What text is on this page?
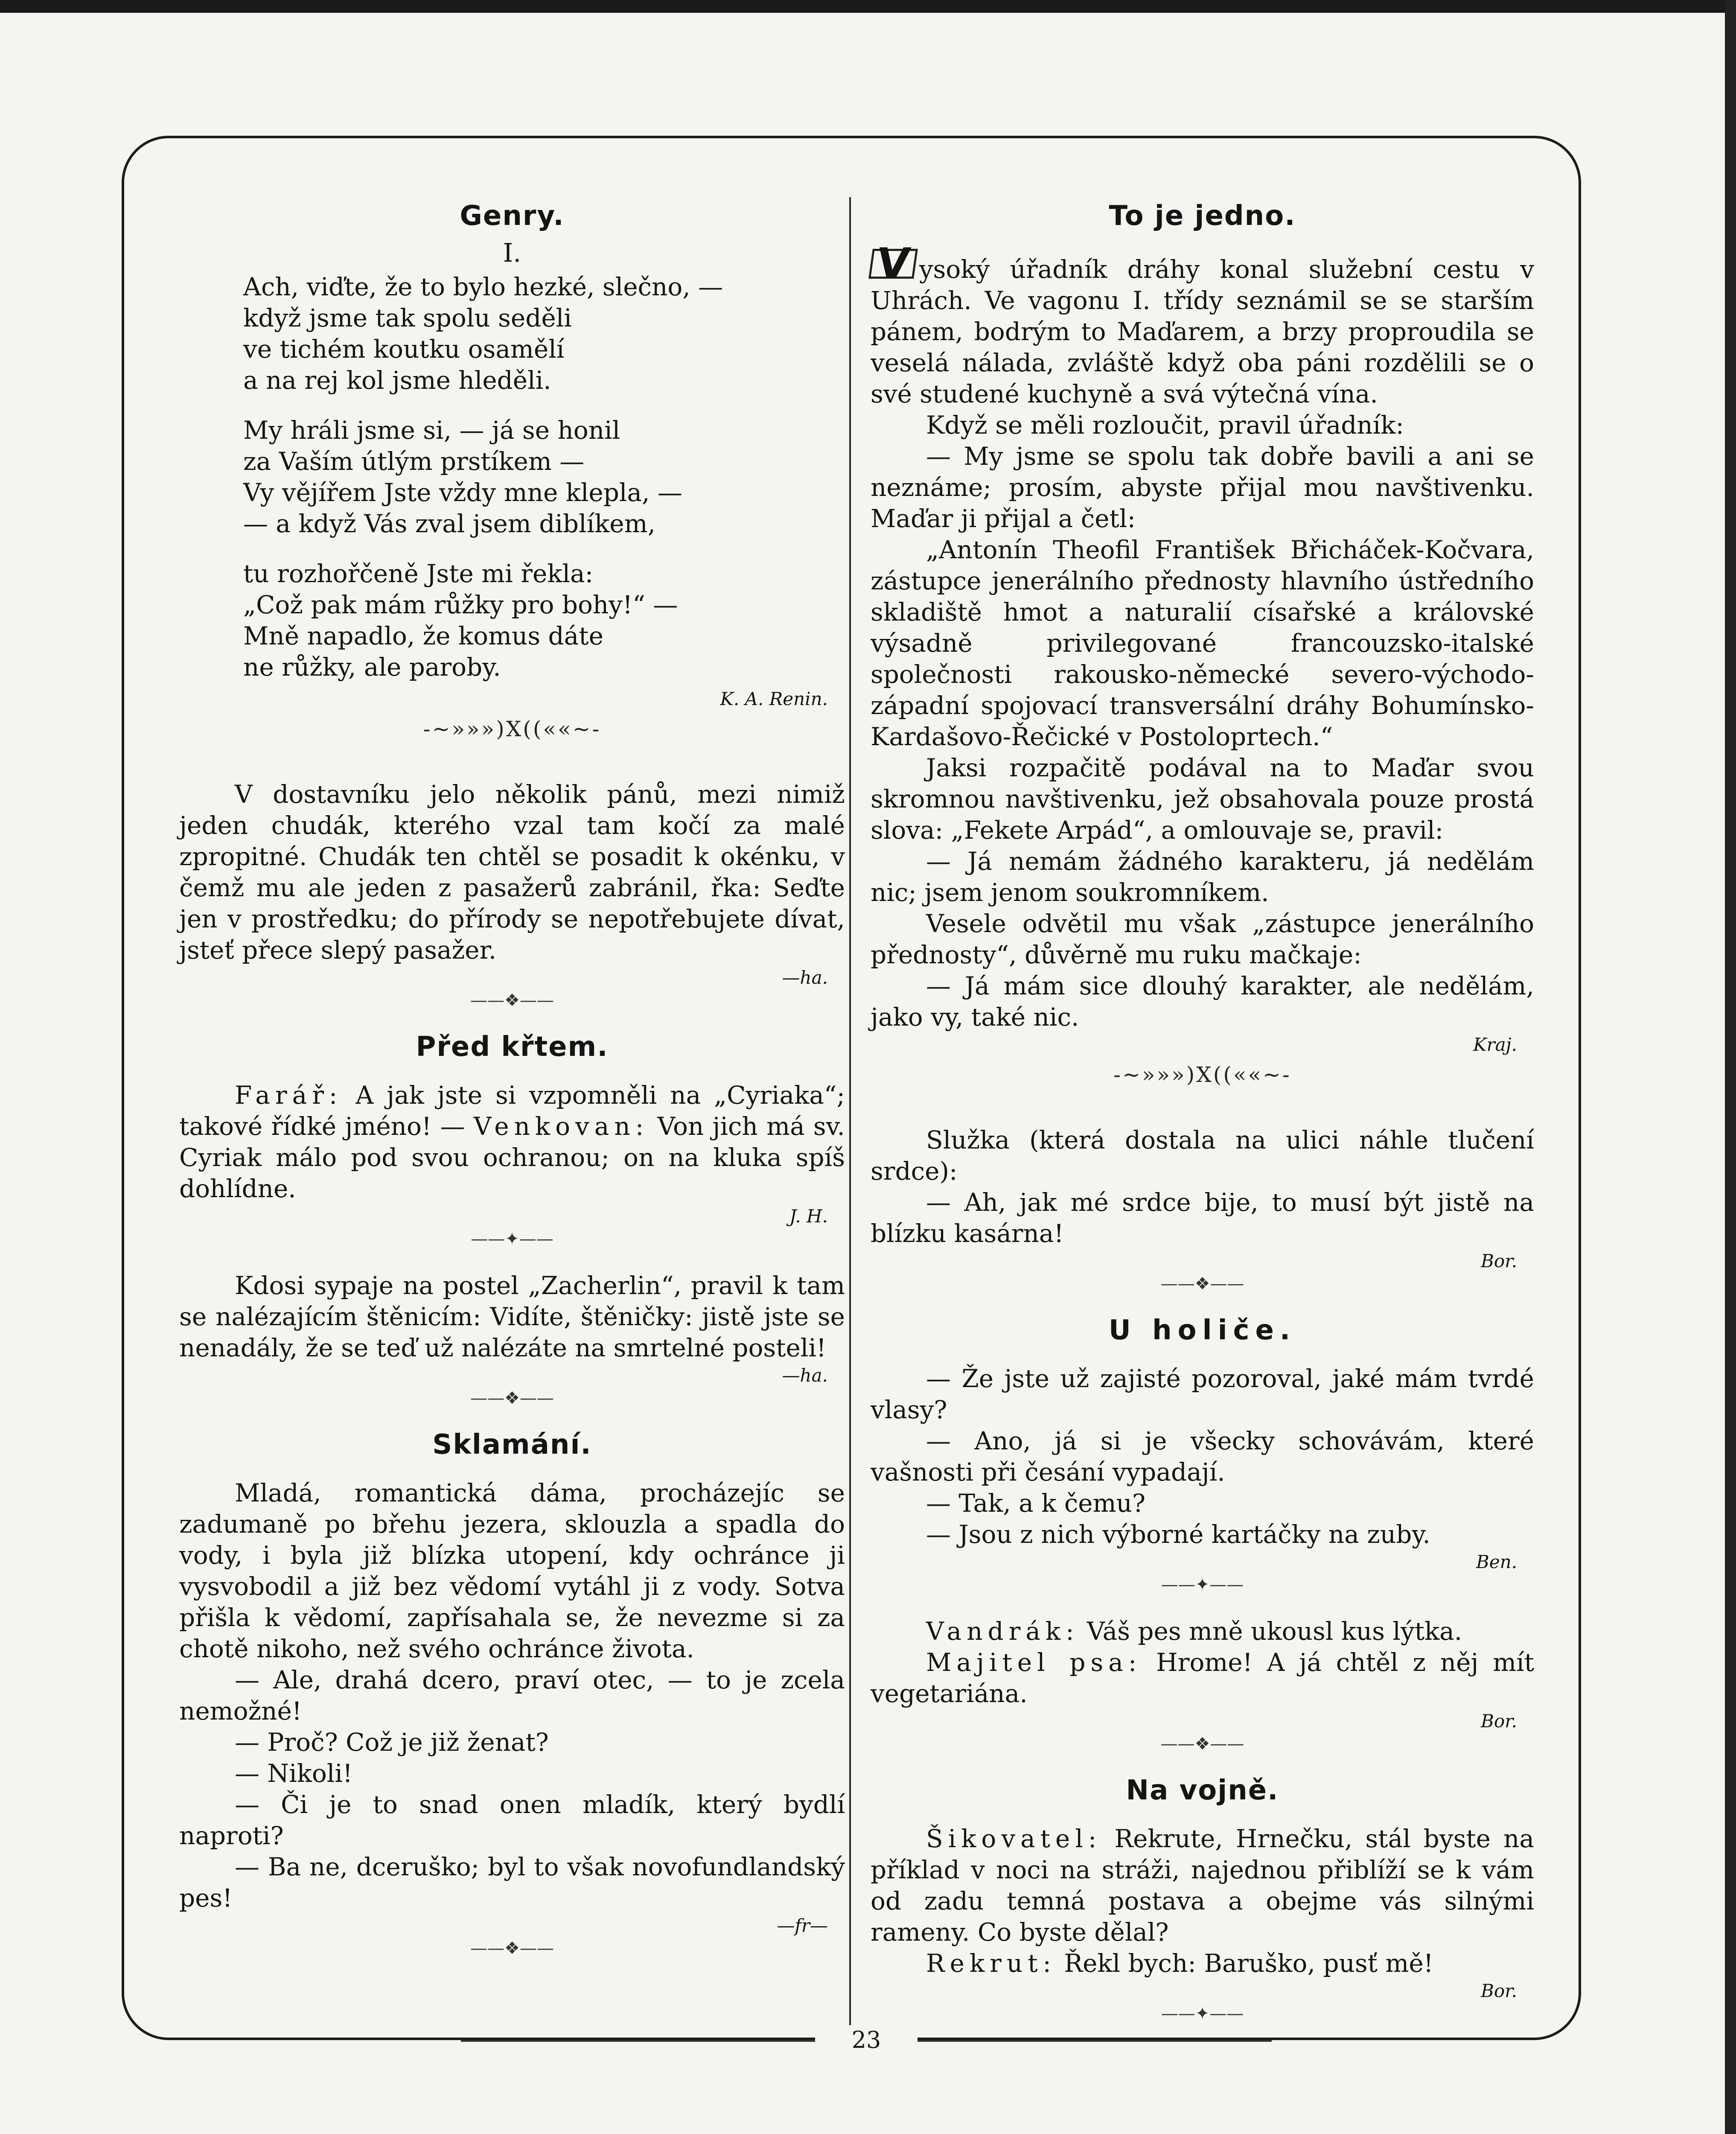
Genry.
I.

Ach, viďte, že to bylo hezké, slečno, —

když jsme tak spolu seděli

ve tichém koutku osamělí

a na rej kol jsme hleděli.

My hráli jsme si, — já se honil

za Vaším útlým prstíkem —

Vy vějířem Jste vždy mne klepla, —

— a když Vás zval jsem diblíkem,

tu rozhořčeně Jste mi řekla:

„Což pak mám růžky pro bohy!“ —

Mně napadlo, že komus dáte

ne růžky, ale paroby.

K. A. Renin.

-~»»»)X((««~-

V dostavníku jelo několik pánů, mezi nimiž jeden chudák, kterého vzal tam kočí za malé zpropitné. Chudák ten chtěl se posadit k okénku, v čemž mu ale jeden z pasažerů zabránil, řka: Seďte jen v prostředku; do přírody se nepotřebujete dívat, jsteť přece slepý pasažer.

—ha.

——❖——
Před křtem.

Farář: A jak jste si vzpomněli na „Cyriaka“; takové řídké jméno! — Venkovan: Von jich má sv. Cyriak málo pod svou ochranou; on na kluka spíš dohlídne.

J. H.

——✦——

Kdosi sypaje na postel „Zacherlin“, pravil k tam se nalézajícím štěnicím: Vidíte, štěničky: jistě jste se nenadály, že se teď už nalézáte na smrtelné posteli!

—ha.

——❖——
Sklamání.

Mladá, romantická dáma, procházejíc se zadumaně po břehu jezera, sklouzla a spadla do vody, i byla již blízka utopení, kdy ochránce ji vysvobodil a již bez vědomí vytáhl ji z vody. Sotva přišla k vědomí, zapřísahala se, že nevezme si za chotě nikoho, než svého ochránce života.

— Ale, drahá dcero, praví otec, — to je zcela nemožné!

— Proč? Což je již ženat?

— Nikoli!

— Či je to snad onen mladík, který bydlí naproti?

— Ba ne, dceruško; byl to však novofundlandský pes!

—fr—

——❖——
To je jedno.

V ysoký úřadník dráhy konal služební cestu v Uhrách. Ve vagonu I. třídy seznámil se se starším pánem, bodrým to Maďarem, a brzy proproudila se veselá nálada, zvláště když oba páni rozdělili se o své studené kuchyně a svá výtečná vína.

Když se měli rozloučit, pravil úřadník:

— My jsme se spolu tak dobře bavili a ani se neznáme; prosím, abyste přijal mou navštivenku. Maďar ji přijal a četl:

„Antonín Theofil František Břicháček-Kočvara, zástupce jenerálního přednosty hlavního ústředního skladiště hmot a naturalií císařské a královské výsadně privilegované francouzsko-italské společnosti rakousko-německé severo-východo-západní spojovací transversální dráhy Bohumínsko-Kardašovo-Řečické v Postoloprtech.“

Jaksi rozpačitě podával na to Maďar svou skromnou navštivenku, jež obsahovala pouze prostá slova: „Fekete Arpád“, a omlouvaje se, pravil:

— Já nemám žádného karakteru, já nedělám nic; jsem jenom soukromníkem.

Vesele odvětil mu však „zástupce jenerálního přednosty“, důvěrně mu ruku mačkaje:

— Já mám sice dlouhý karakter, ale nedělám, jako vy, také nic.

Kraj.

-~»»»)X((««~-

Služka (která dostala na ulici náhle tlučení srdce):

— Ah, jak mé srdce bije, to musí být jistě na blízku kasárna!

Bor.

——❖——
U holiče.

— Že jste už zajisté pozoroval, jaké mám tvrdé vlasy?

— Ano, já si je všecky schovávám, které vašnosti při česání vypadají.

— Tak, a k čemu?

— Jsou z nich výborné kartáčky na zuby.

Ben.

——✦——

Vandrák: Váš pes mně ukousl kus lýtka.

Majitel psa: Hrome! A já chtěl z něj mít vegetariána.

Bor.

——❖——
Na vojně.

Šikovatel: Rekrute, Hrnečku, stál byste na příklad v noci na stráži, najednou přiblíží se k vám od zadu temná postava a obejme vás silnými rameny. Co byste dělal?

Rekrut: Řekl bych: Baruško, pusť mě!

Bor.

——✦——
23
